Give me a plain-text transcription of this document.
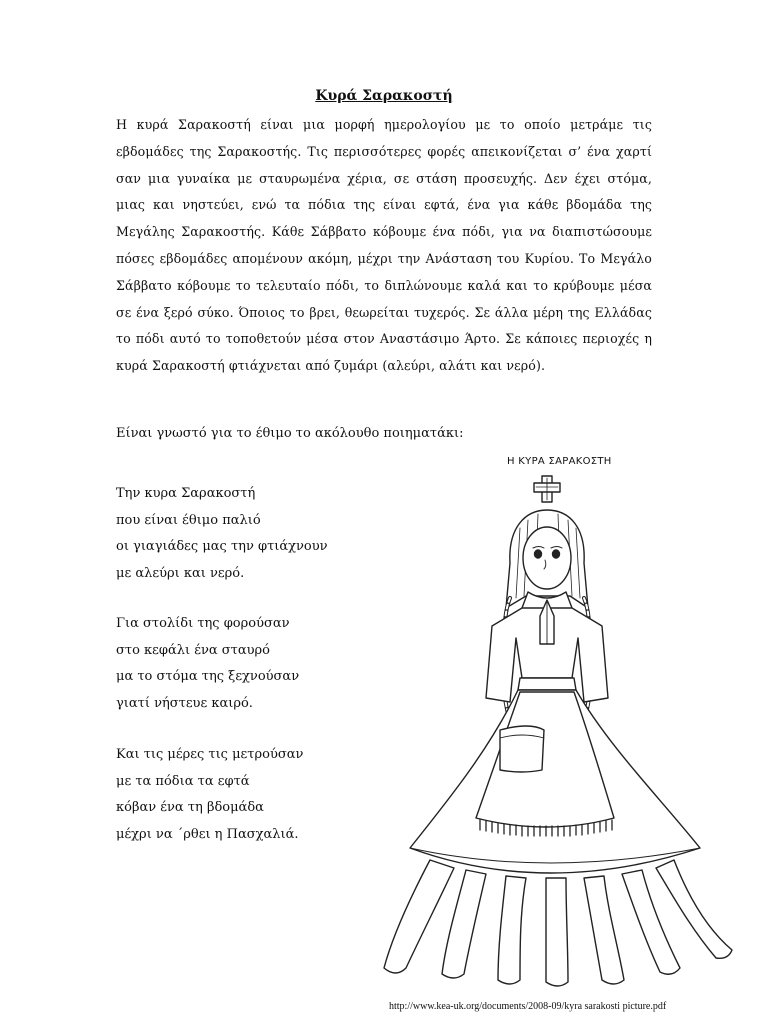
Κυρά Σαρακοστή
Η κυρά Σαρακοστή είναι μια μορφή ημερολογίου με το οποίο μετράμε τις εβδομάδες της Σαρακοστής. Τις περισσότερες φορές απεικονίζεται σ’ ένα χαρτί σαν μια γυναίκα με σταυρωμένα χέρια, σε στάση προσευχής. Δεν έχει στόμα, μιας και νηστεύει, ενώ τα πόδια της είναι εφτά, ένα για κάθε βδομάδα της Μεγάλης Σαρακοστής. Κάθε Σάββατο κόβουμε ένα πόδι, για να διαπιστώσουμε πόσες εβδομάδες απομένουν ακόμη, μέχρι την Ανάσταση του Κυρίου. Το Μεγάλο Σάββατο κόβουμε το τελευταίο πόδι, το διπλώνουμε καλά και το κρύβουμε μέσα σε ένα ξερό σύκο. Όποιος το βρει, θεωρείται τυχερός. Σε άλλα μέρη της Ελλάδας το πόδι αυτό το τοποθετούν μέσα στον Αναστάσιμο Άρτο. Σε κάποιες περιοχές η κυρά Σαρακοστή φτιάχνεται από ζυμάρι (αλεύρι, αλάτι και νερό).
Είναι γνωστό για το έθιμο το ακόλουθο ποιηματάκι:
Την κυρα Σαρακοστή
που είναι έθιμο παλιό
οι γιαγιάδες μας την φτιάχνουν
με αλεύρι και νερό.
Για στολίδι της φορούσαν
στο κεφάλι ένα σταυρό
μα το στόμα της ξεχνούσαν
γιατί νήστευε καιρό.
Και τις μέρες τις μετρούσαν
με τα πόδια τα εφτά
κόβαν ένα τη βδομάδα
μέχρι να ΄ρθει η Πασχαλιά.
Η ΚΥΡΑ ΣΑΡΑΚΟΣΤΗ
http://www.kea-uk.org/documents/2008-09/kyra sarakosti picture.pdf
